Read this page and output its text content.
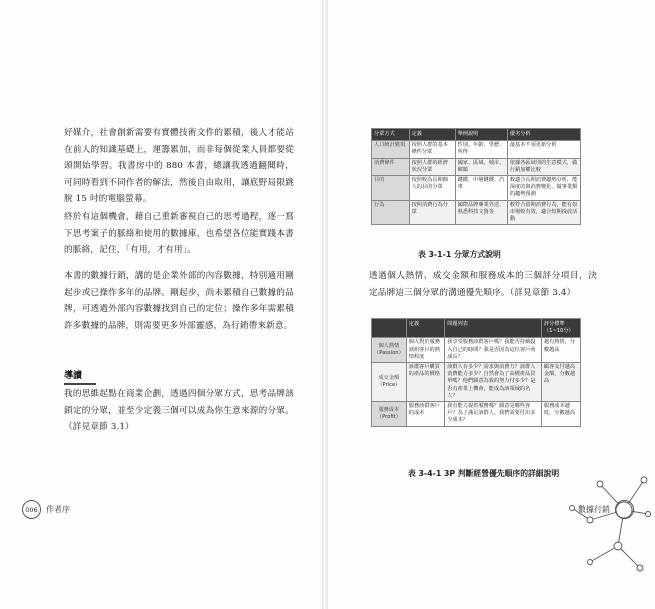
好媒介，社會創新需要有實體技術文件的累積，後人才能站在前人的知識基礎上，運籌累加，而非每個從業人員都要從頭開始學習。我書房中的 880 本書，總讓我透過翻閱時，可同時看到不同作者的解法，然後自由取用，讓底野局限跳脫 15 吋的電腦螢幕。

終於有這個機會，藉自己重新審視自己的思考過程，逐一寫下思考案子的脈絡和使用的數據庫，也希望各位能實踐本書的脈絡，記住，「有用，才有用」。

本書的數據行銷，講的是企業外部的內容數據，特別適用剛起步或已操作多年的品牌。剛起步，尚未累積自己數據的品牌，可透過外部內容數據找到自己的定位；操作多年需累積許多數據的品牌，則需要更多外部靈感，為行銷帶來新意。

導讀

我的思維起點在商業企劃，透過四個分眾方式，思考品牌該鎖定的分眾，並至少定義三個可以成為你生意來源的分眾。（詳見章節 3.1）

006	作者序
分眾方式	定義	舉例說明	優劣分析
人口統計變項	按照人群的基本條件分眾	性別、年齡、學歷、所得	最基本不須更新分析
消費條件	按照人群的經濟狀況分眾	國家、區域、城市、鄉鎮	依據各區域別的生意模式，做行銷加權比較
目的	按照較為長期個人的目的分眾	鍵鍵、中層鍵鍵、汽車	較適合長期消費趨勢分析，能深度的與消費變化，做事業類的趨勢預測
行為	按照消費行為分眾	國際品牌專業外送、熟悉科技文資等	較符合當期消費行為，能有如市場較有效，適合短期投放活動
表 3-1-1 分眾方式說明

透過個人熱情、成交金額和服務成本的三個評分項目，決定品牌這三個分眾的溝通優先順序。（詳見章節 3.4）

	定義	問題列表	評分標準（1~10分）
個人熱情（Passion）	個人對於服務該組客戶的熱情程度	我享受服務該群客戶嗎？我能否持續投入自己的時間？我是否因為這位客戶而成長？	越有熱情，分數越高
成交金額（Price）	該群客戶購買的產品的價格	該群人有多少？需求與消費力？該群人消費能力多少？自然會為了高價產品買單嗎？他們願意為我的努力付多少？是否有產業上機會，能成為該領域的名人？	顧客支付越高金額，分數越高
服務成本（Profit）	服務該群客戶的成本	我有能力提供服務嗎？願意是哪些客戶？為了滿足該群人，我們需要付出多少成本？	服務成本越低，分數越高
表 3-4-1 3P 判斷經營優先順序的詳細說明
數據行銷
